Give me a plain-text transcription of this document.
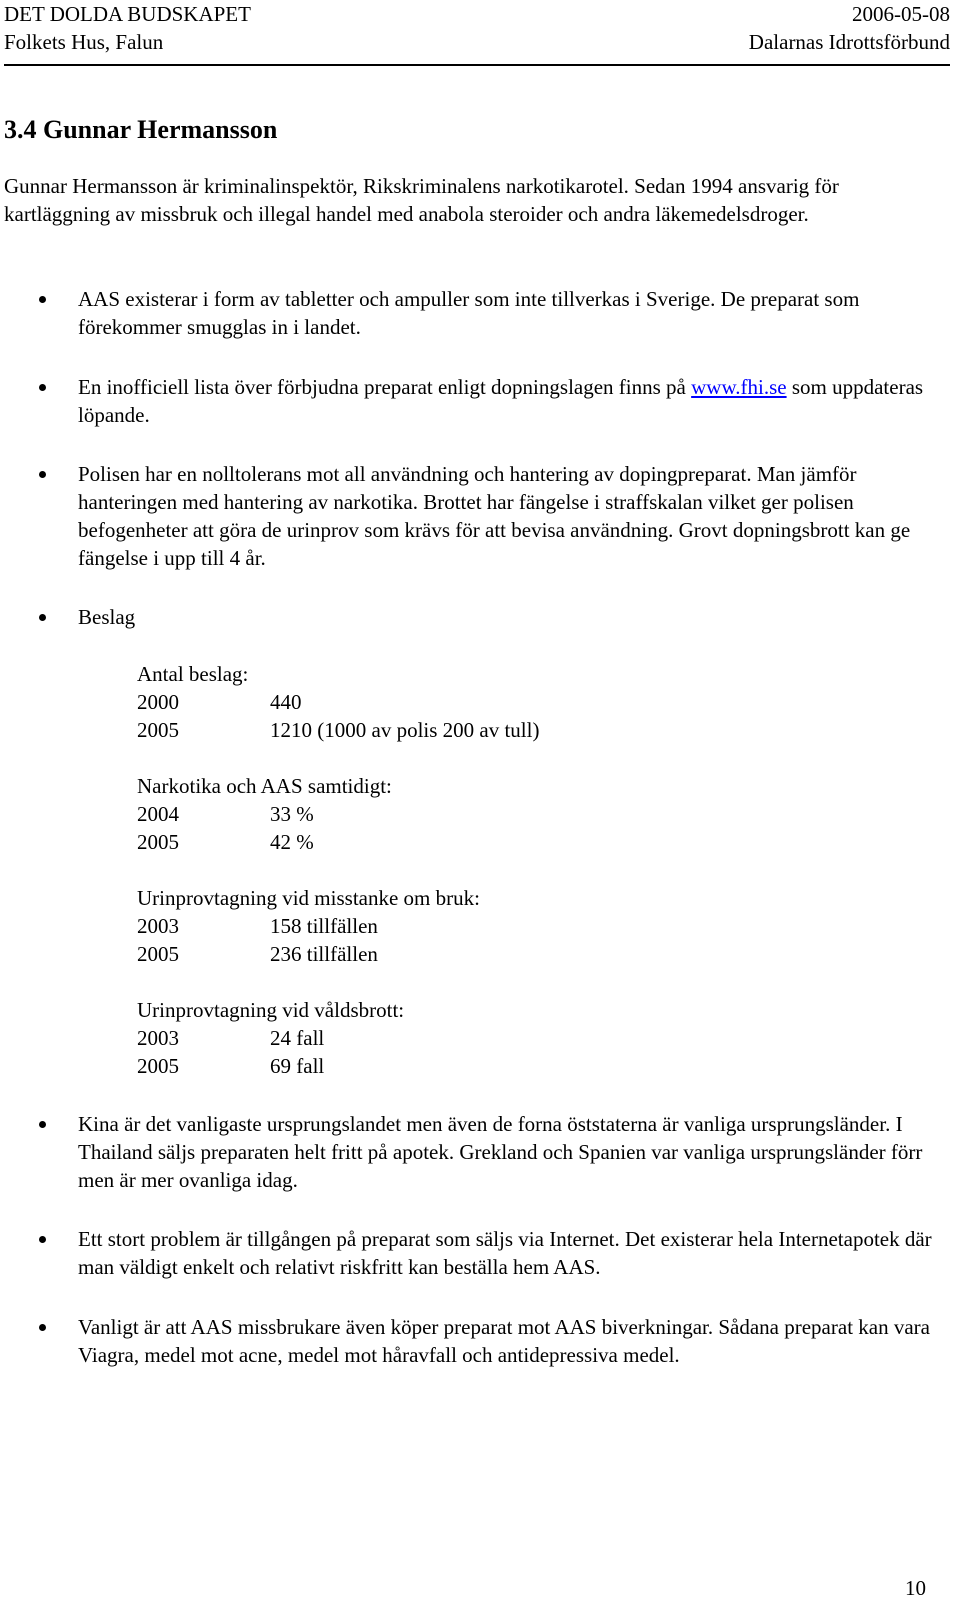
DET DOLDA BUDSKAPET	2006-05-08
Folkets Hus, Falun	Dalarnas Idrottsförbund
3.4 Gunnar Hermansson

Gunnar Hermansson är kriminalinspektör, Rikskriminalens narkotikarotel. Sedan 1994 ansvarig för kartläggning av missbruk och illegal handel med anabola steroider och andra läkemedelsdroger.

AAS existerar i form av tabletter och ampuller som inte tillverkas i Sverige. De preparat som förekommer smugglas in i landet.

En inofficiell lista över förbjudna preparat enligt dopningslagen finns på www.fhi.se som uppdateras löpande.

Polisen har en nolltolerans mot all användning och hantering av dopingpreparat. Man jämför hanteringen med hantering av narkotika. Brottet har fängelse i straffskalan vilket ger polisen befogenheter att göra de urinprov som krävs för att bevisa användning. Grovt dopningsbrott kan ge fängelse i upp till 4 år.

Beslag

Antal beslag:
2000	440
2005	1210 (1000 av polis 200 av tull)
Narkotika och AAS samtidigt:
2004	33 %
2005	42 %
Urinprovtagning vid misstanke om bruk:
2003	158 tillfällen
2005	236 tillfällen
Urinprovtagning vid våldsbrott:
2003	24 fall
2005	69 fall

Kina är det vanligaste ursprungslandet men även de forna öststaterna är vanliga ursprungsländer. I Thailand säljs preparaten helt fritt på apotek. Grekland och Spanien var vanliga ursprungsländer förr men är mer ovanliga idag.

Ett stort problem är tillgången på preparat som säljs via Internet. Det existerar hela Internetapotek där man väldigt enkelt och relativt riskfritt kan beställa hem AAS.

Vanligt är att AAS missbrukare även köper preparat mot AAS biverkningar. Sådana preparat kan vara Viagra, medel mot acne, medel mot håravfall och antidepressiva medel.

10
